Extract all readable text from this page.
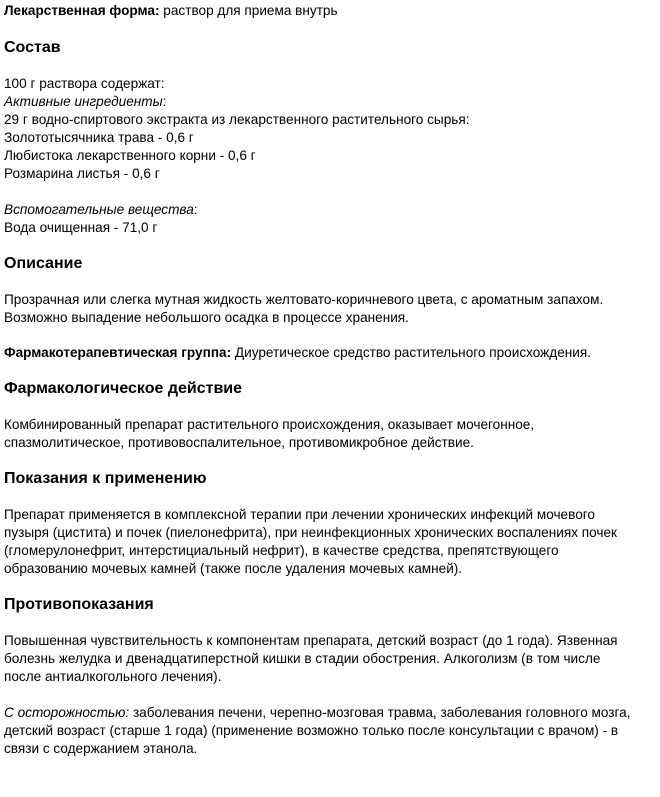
Лекарственная форма: раствор для приема внутрь

Состав

100 г раствора содержат:

Активные ингредиенты:

29 г водно-спиртового экстракта из лекарственного растительного сырья:

Золототысячника трава - 0,6 г

Любистока лекарственного корни - 0,6 г

Розмарина листья - 0,6 г

Вспомогательные вещества:

Вода очищенная - 71,0 г

Описание

Прозрачная или слегка мутная жидкость желтовато-коричневого цвета, с ароматным запахом.

Возможно выпадение небольшого осадка в процессе хранения.

Фармакотерапевтическая группа: Диуретическое средство растительного происхождения.

Фармакологическое действие

Комбинированный препарат растительного происхождения, оказывает мочегонное,

спазмолитическое, противовоспалительное, противомикробное действие.

Показания к применению

Препарат применяется в комплексной терапии при лечении хронических инфекций мочевого

пузыря (цистита) и почек (пиелонефрита), при неинфекционных хронических воспалениях почек

(гломерулонефрит, интерстициальный нефрит), в качестве средства, препятствующего

образованию мочевых камней (также после удаления мочевых камней).

Противопоказания

Повышенная чувствительность к компонентам препарата, детский возраст (до 1 года). Язвенная

болезнь желудка и двенадцатиперстной кишки в стадии обострения. Алкоголизм (в том числе

после антиалкогольного лечения).

С осторожностью: заболевания печени, черепно-мозговая травма, заболевания головного мозга,

детский возраст (старше 1 года) (применение возможно только после консультации с врачом) - в

связи с содержанием этанола.
